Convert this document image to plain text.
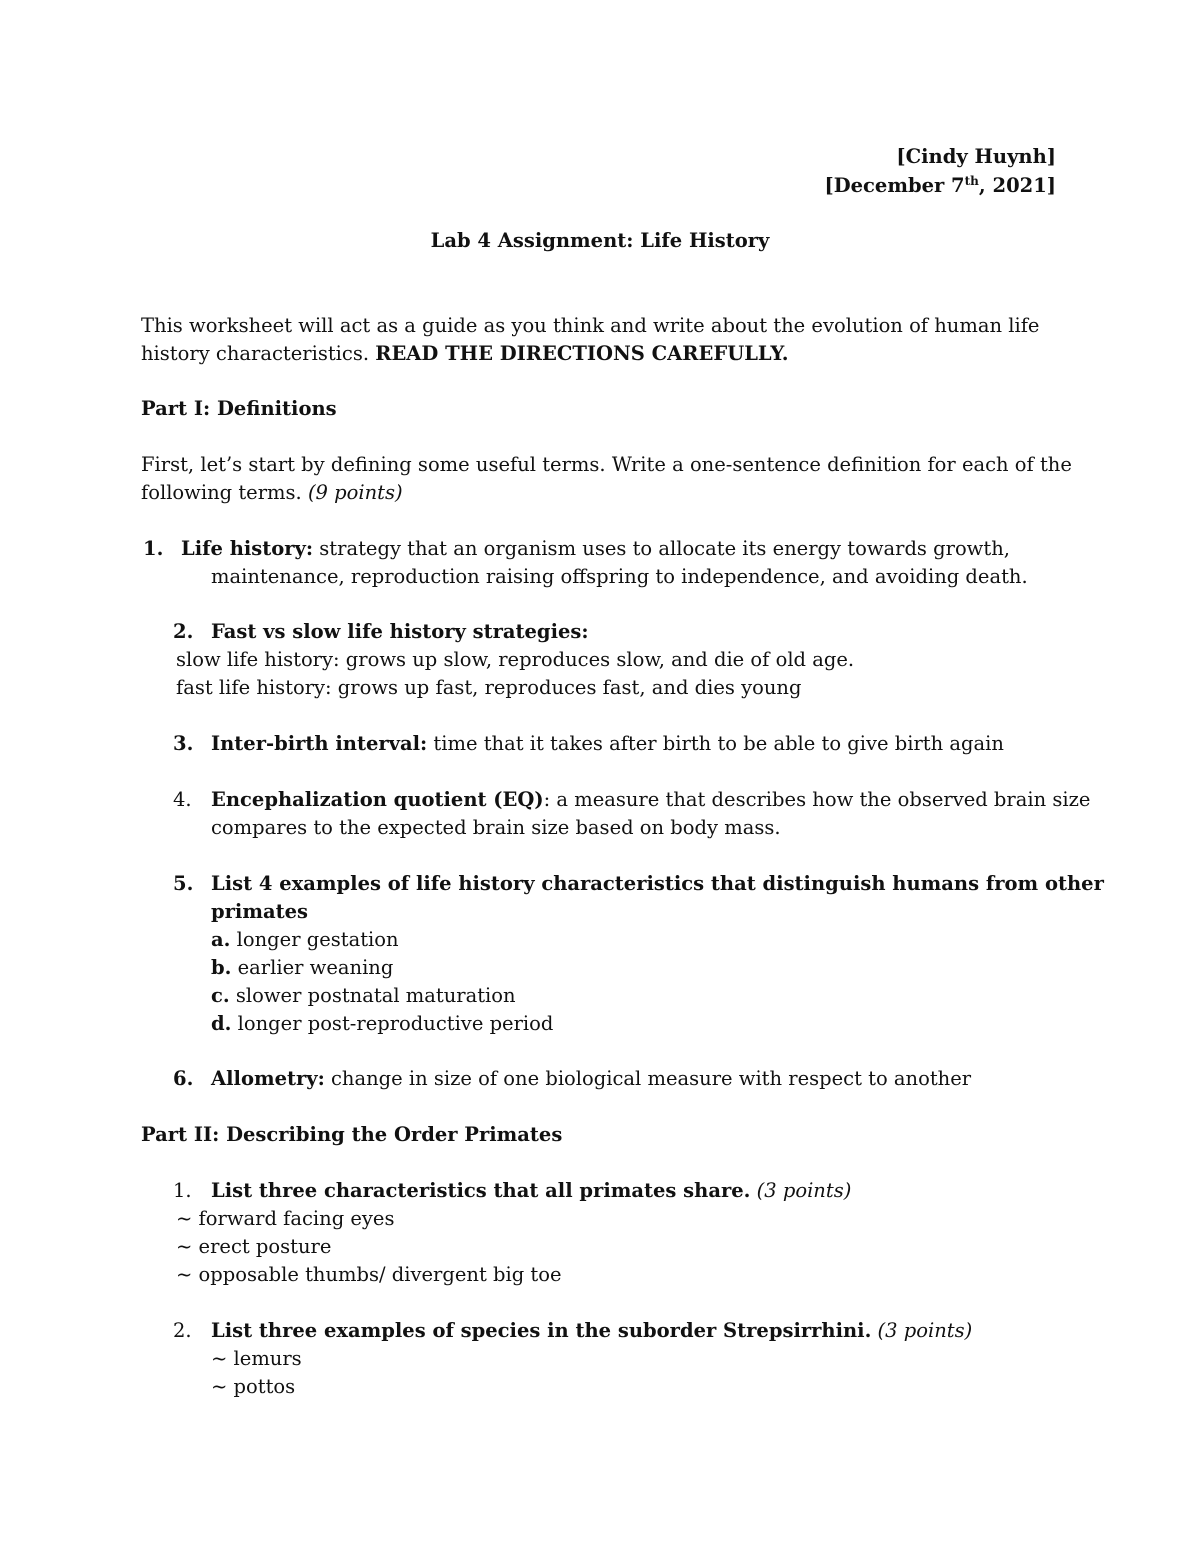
[Cindy Huynh]
[December 7th, 2021]
Lab 4 Assignment: Life History
This worksheet will act as a guide as you think and write about the evolution of human life
history characteristics. READ THE DIRECTIONS CAREFULLY.
Part I: Definitions
First, let’s start by defining some useful terms. Write a one-sentence definition for each of the
following terms. (9 points)
1. Life history: strategy that an organism uses to allocate its energy towards growth,
maintenance, reproduction raising offspring to independence, and avoiding death.
2. Fast vs slow life history strategies:
slow life history: grows up slow, reproduces slow, and die of old age.
fast life history: grows up fast, reproduces fast, and dies young
3. Inter-birth interval: time that it takes after birth to be able to give birth again
4. Encephalization quotient (EQ): a measure that describes how the observed brain size
compares to the expected brain size based on body mass.
5. List 4 examples of life history characteristics that distinguish humans from other
primates
a. longer gestation
b. earlier weaning
c. slower postnatal maturation
d. longer post-reproductive period
6. Allometry: change in size of one biological measure with respect to another
Part II: Describing the Order Primates
1. List three characteristics that all primates share. (3 points)
~ forward facing eyes
~ erect posture
~ opposable thumbs/ divergent big toe
2. List three examples of species in the suborder Strepsirrhini. (3 points)
~ lemurs
~ pottos
